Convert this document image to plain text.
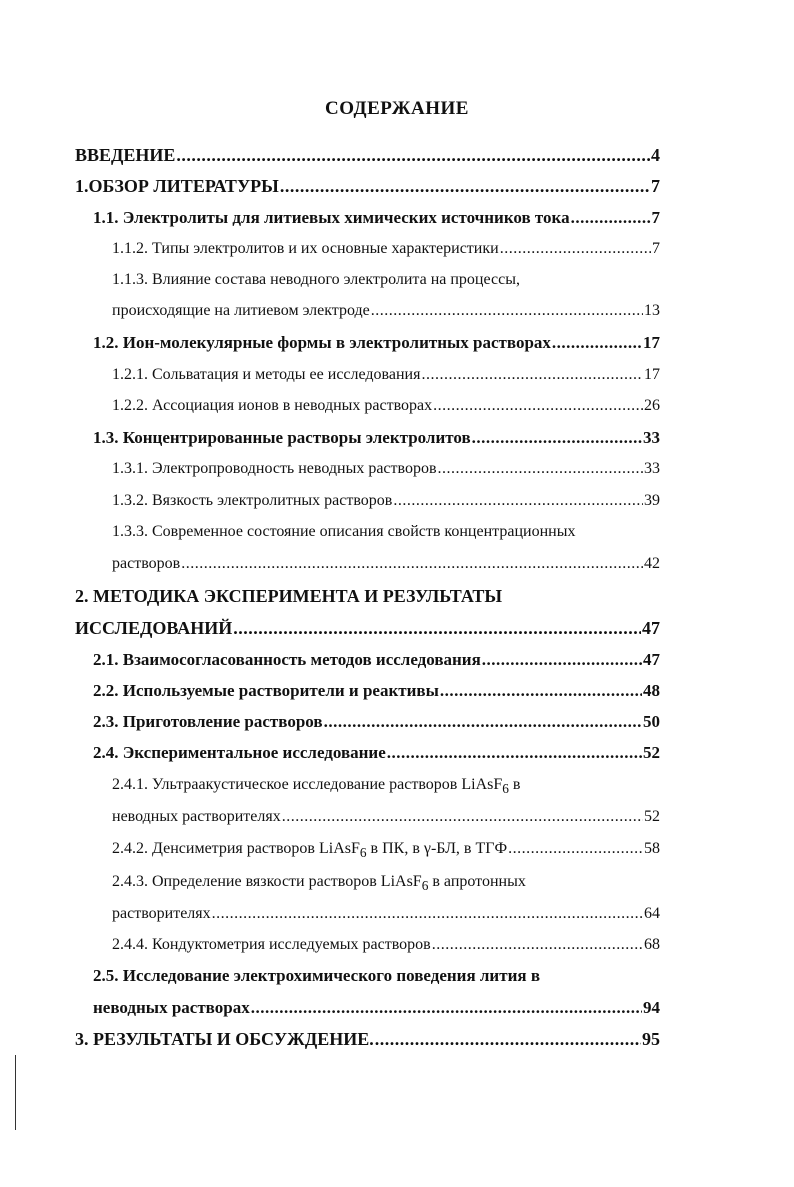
СОДЕРЖАНИЕ
ВВЕДЕНИЕ .....	4
1.ОБЗОР ЛИТЕРАТУРЫ .....	7
1.1. Электролиты для литиевых химических источников тока .....	7
1.1.2. Типы электролитов и их основные характеристики .....	7
1.1.3. Влияние состава неводного электролита на процессы,
происходящие на литиевом электроде .....	13
1.2. Ион-молекулярные формы в электролитных растворах .....	17
1.2.1. Сольватация и методы ее исследования .....	17
1.2.2. Ассоциация ионов в неводных растворах .....	26
1.3. Концентрированные растворы электролитов .....	33
1.3.1. Электропроводность неводных растворов .....	33
1.3.2. Вязкость электролитных растворов .....	39
1.3.3. Современное состояние описания свойств концентрационных
растворов .....	42
2. МЕТОДИКА ЭКСПЕРИМЕНТА И РЕЗУЛЬТАТЫ
ИССЛЕДОВАНИЙ .....	47
2.1. Взаимосогласованность методов исследования .....	47
2.2. Используемые растворители и реактивы .....	48
2.3. Приготовление растворов .....	50
2.4. Экспериментальное исследование .....	52
2.4.1. Ультраакустическое исследование растворов LiAsF$_6$ в
неводных растворителях .....	52
2.4.2. Денсиметрия растворов LiAsF$_6$ в ПК, в γ-БЛ, в ТГФ .....	58
2.4.3. Определение вязкости растворов LiAsF$_6$ в апротонных
растворителях .....	64
2.4.4. Кондуктометрия исследуемых растворов .....	68
2.5. Исследование электрохимического поведения лития в
неводных растворах .....	94
3. РЕЗУЛЬТАТЫ И ОБСУЖДЕНИЕ. .....	95
